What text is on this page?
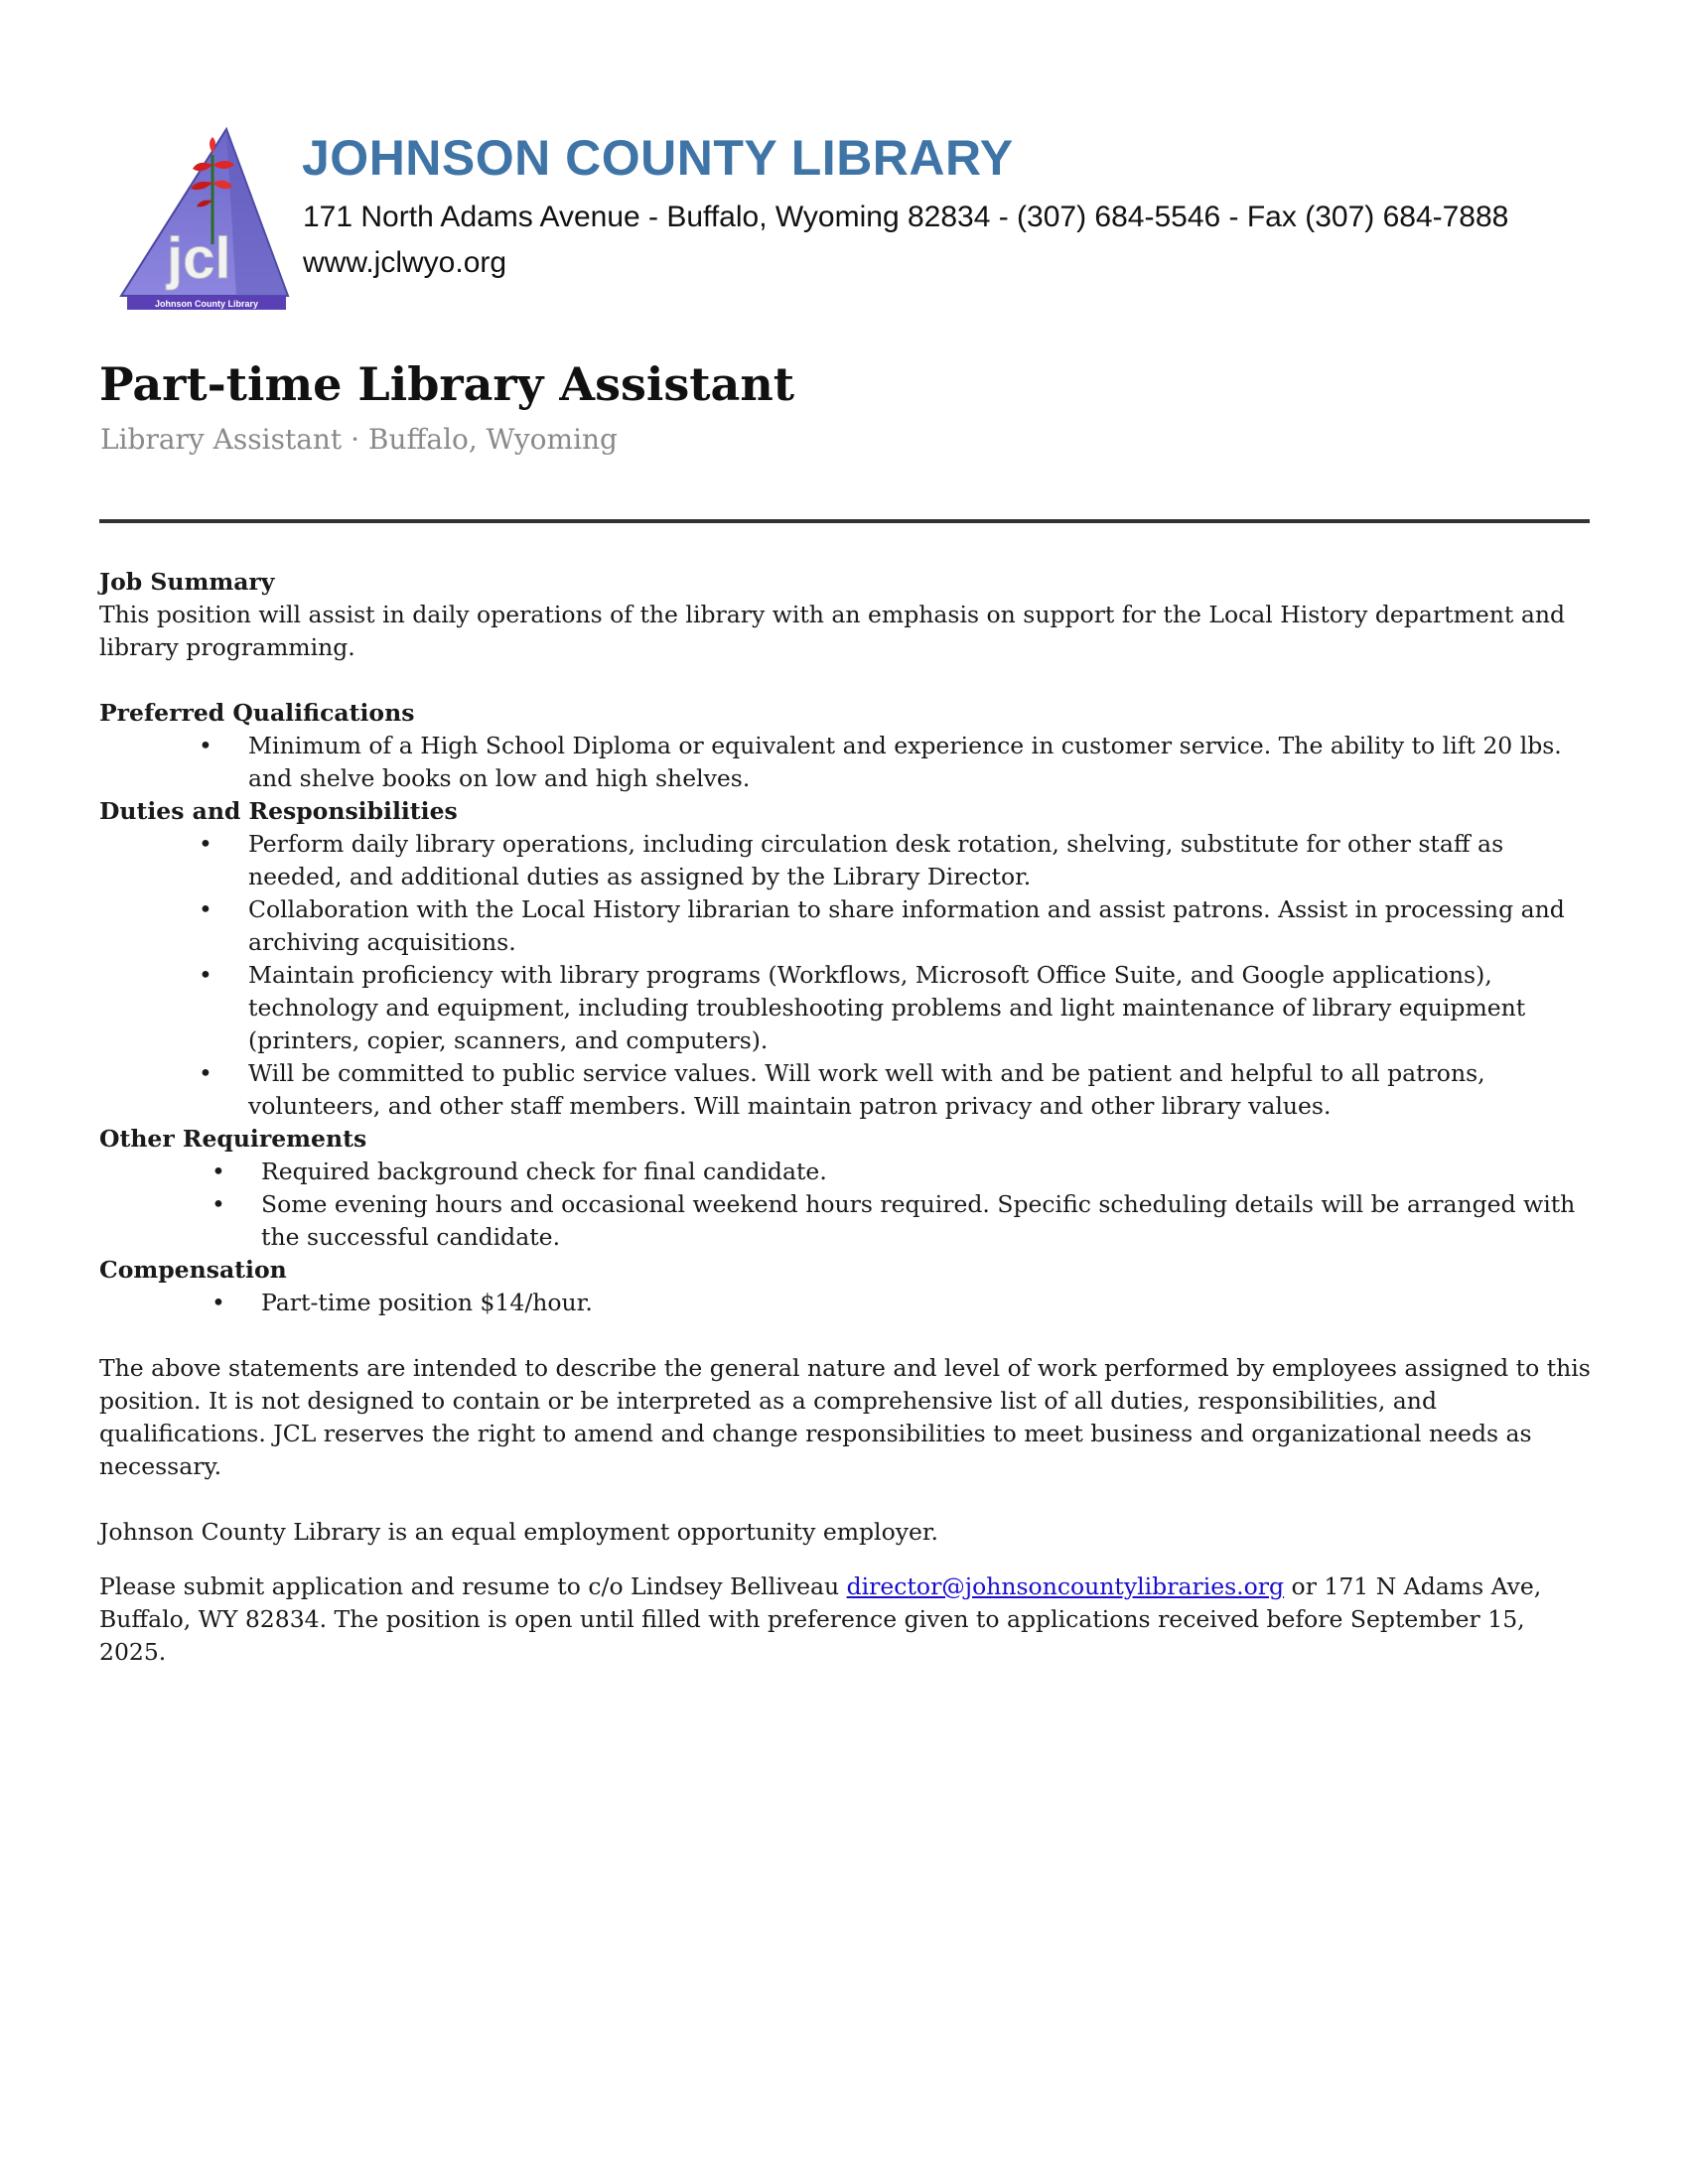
jcl
Johnson County Library
JOHNSON COUNTY LIBRARY
171 North Adams Avenue - Buffalo, Wyoming 82834 - (307) 684-5546 - Fax (307) 684-7888
www.jclwyo.org
Part-time Library Assistant
Library Assistant · Buffalo, Wyoming
Job Summary

This position will assist in daily operations of the library with an emphasis on support for the Local History department and library programming.

Preferred Qualifications
• Minimum of a High School Diploma or equivalent and experience in customer service. The ability to lift 20 lbs. and shelve books on low and high shelves.
Duties and Responsibilities
• Perform daily library operations, including circulation desk rotation, shelving, substitute for other staff as needed, and additional duties as assigned by the Library Director.
• Collaboration with the Local History librarian to share information and assist patrons. Assist in processing and archiving acquisitions.
• Maintain proficiency with library programs (Workflows, Microsoft Office Suite, and Google applications), technology and equipment, including troubleshooting problems and light maintenance of library equipment (printers, copier, scanners, and computers).
• Will be committed to public service values. Will work well with and be patient and helpful to all patrons, volunteers, and other staff members. Will maintain patron privacy and other library values.
Other Requirements
• Required background check for final candidate.
• Some evening hours and occasional weekend hours required. Specific scheduling details will be arranged with the successful candidate.
Compensation
• Part-time position $14/hour.

The above statements are intended to describe the general nature and level of work performed by employees assigned to this position. It is not designed to contain or be interpreted as a comprehensive list of all duties, responsibilities, and qualifications. JCL reserves the right to amend and change responsibilities to meet business and organizational needs as necessary.

Johnson County Library is an equal employment opportunity employer.

Please submit application and resume to c/o Lindsey Belliveau director@johnsoncountylibraries.org or 171 N Adams Ave, Buffalo, WY 82834. The position is open until filled with preference given to applications received before September 15, 2025.
